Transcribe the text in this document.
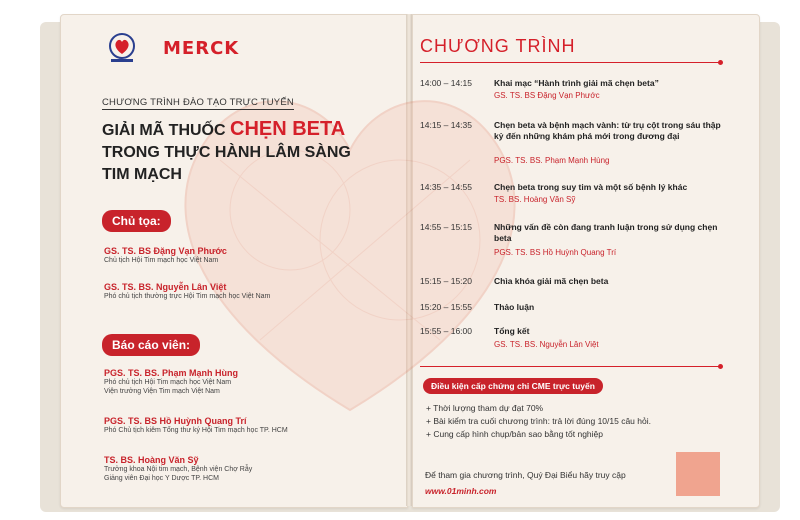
MERCK
CHƯƠNG TRÌNH ĐÀO TẠO TRỰC TUYẾN
GIẢI MÃ THUỐC CHẸN BETA
TRONG THỰC HÀNH LÂM SÀNG
TIM MẠCH
Chủ tọa:
GS. TS. BS Đặng Vạn Phước
Chủ tịch Hội Tim mạch học Việt Nam
GS. TS. BS. Nguyễn Lân Việt
Phó chủ tịch thường trực Hội Tim mạch học Việt Nam
Báo cáo viên:
PGS. TS. BS. Phạm Mạnh Hùng
Phó chủ tịch Hội Tim mạch học Việt Nam
Viện trưởng Viện Tim mạch Việt Nam
PGS. TS. BS Hồ Huỳnh Quang Trí
Phó Chủ tịch kiêm Tổng thư ký Hội Tim mạch học TP. HCM
TS. BS. Hoàng Văn Sỹ
Trưởng khoa Nội tim mạch, Bệnh viện Chợ Rẫy
Giảng viên Đại học Y Dược TP. HCM
CHƯƠNG TRÌNH
14:00 – 14:15	Khai mạc “Hành trình giải mã chẹn beta”
GS. TS. BS Đặng Vạn Phước
14:15 – 14:35	Chẹn beta và bệnh mạch vành: từ trụ cột trong sáu thập kỷ đến những khám phá mới trong đương đại
PGS. TS. BS. Phạm Mạnh Hùng
14:35 – 14:55	Chẹn beta trong suy tim và một số bệnh lý khác
TS. BS. Hoàng Văn Sỹ
14:55 – 15:15	Những vấn đề còn đang tranh luận trong sử dụng chẹn beta
PGS. TS. BS Hồ Huỳnh Quang Trí
15:15 – 15:20	Chìa khóa giải mã chẹn beta
15:20 – 15:55	Thảo luận
15:55 – 16:00	Tổng kết
GS. TS. BS. Nguyễn Lân Việt
Điều kiện cấp chứng chỉ CME trực tuyến
+ Thời lượng tham dự đạt 70%
+ Bài kiểm tra cuối chương trình: trả lời đúng 10/15 câu hỏi.
+ Cung cấp hình chụp/bản sao bằng tốt nghiệp
Để tham gia chương trình, Quý Đại Biểu hãy truy cập
www.01minh.com
